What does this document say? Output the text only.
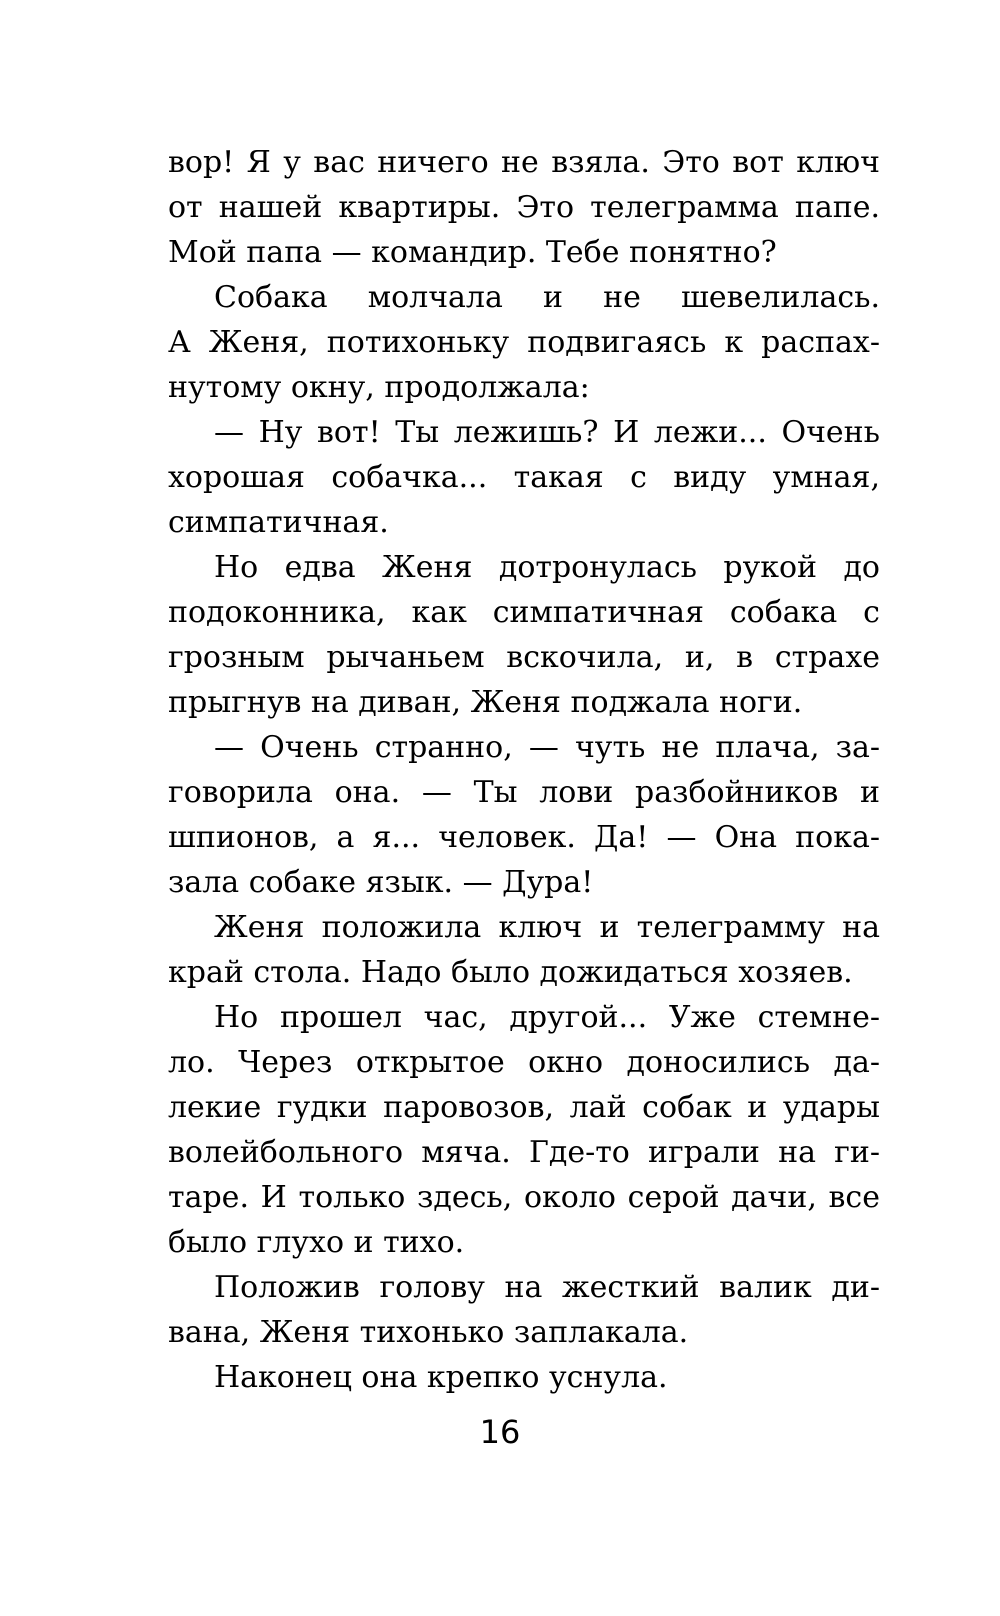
вор! Я у вас ничего не взяла. Это вот ключ
от нашей квартиры. Это телеграмма папе.
Мой папа — командир. Тебе понятно?
Собака молчала и не шевелилась.
А Женя, потихоньку подвигаясь к распах-
нутому окну, продолжала:
— Ну вот! Ты лежишь? И лежи... Очень
хорошая собачка... такая с виду умная,
симпатичная.
Но едва Женя дотронулась рукой до
подоконника, как симпатичная собака с
грозным рычаньем вскочила, и, в страхе
прыгнув на диван, Женя поджала ноги.
— Очень странно, — чуть не плача, за-
говорила она. — Ты лови разбойников и
шпионов, а я... человек. Да! — Она пока-
зала собаке язык. — Дура!
Женя положила ключ и телеграмму на
край стола. Надо было дожидаться хозяев.
Но прошел час, другой... Уже стемне-
ло. Через открытое окно доносились да-
лекие гудки паровозов, лай собак и удары
волейбольного мяча. Где-то играли на ги-
таре. И только здесь, около серой дачи, все
было глухо и тихо.
Положив голову на жесткий валик ди-
вана, Женя тихонько заплакала.
Наконец она крепко уснула.
16
